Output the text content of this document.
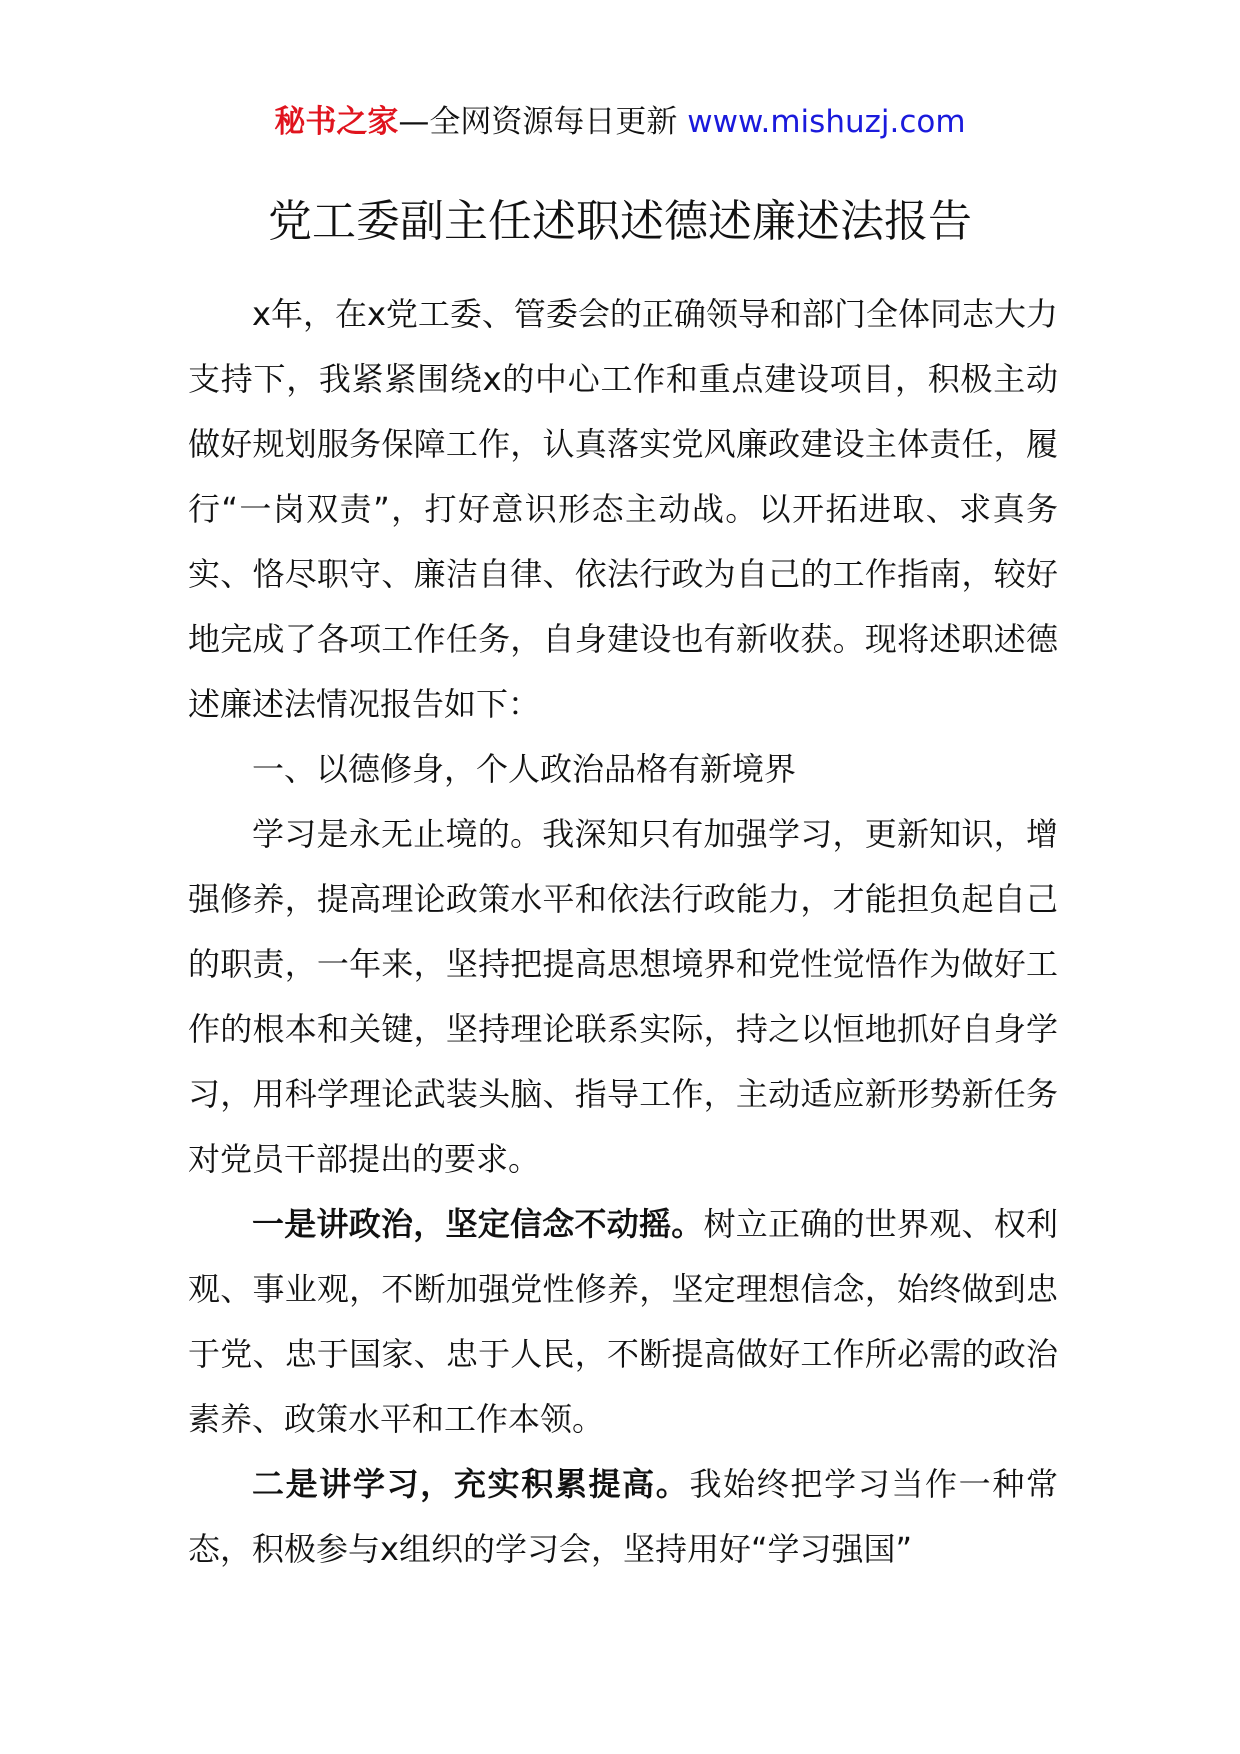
秘书之家—全网资源每日更新 www.mishuzj.com
党工委副主任述职述德述廉述法报告

x年，在x党工委、管委会的正确领导和部门全体同志大力支持下，我紧紧围绕x的中心工作和重点建设项目，积极主动做好规划服务保障工作，认真落实党风廉政建设主体责任，履行“一岗双责”，打好意识形态主动战。以开拓进取、求真务实、恪尽职守、廉洁自律、依法行政为自己的工作指南，较好地完成了各项工作任务，自身建设也有新收获。现将述职述德述廉述法情况报告如下：

一、以德修身，个人政治品格有新境界

学习是永无止境的。我深知只有加强学习，更新知识，增强修养，提高理论政策水平和依法行政能力，才能担负起自己的职责，一年来，坚持把提高思想境界和党性觉悟作为做好工作的根本和关键，坚持理论联系实际，持之以恒地抓好自身学习，用科学理论武装头脑、指导工作，主动适应新形势新任务对党员干部提出的要求。

一是讲政治，坚定信念不动摇。树立正确的世界观、权利观、事业观，不断加强党性修养，坚定理想信念，始终做到忠于党、忠于国家、忠于人民，不断提高做好工作所必需的政治素养、政策水平和工作本领。

二是讲学习，充实积累提高。我始终把学习当作一种常态，积极参与x组织的学习会，坚持用好“学习强国”
